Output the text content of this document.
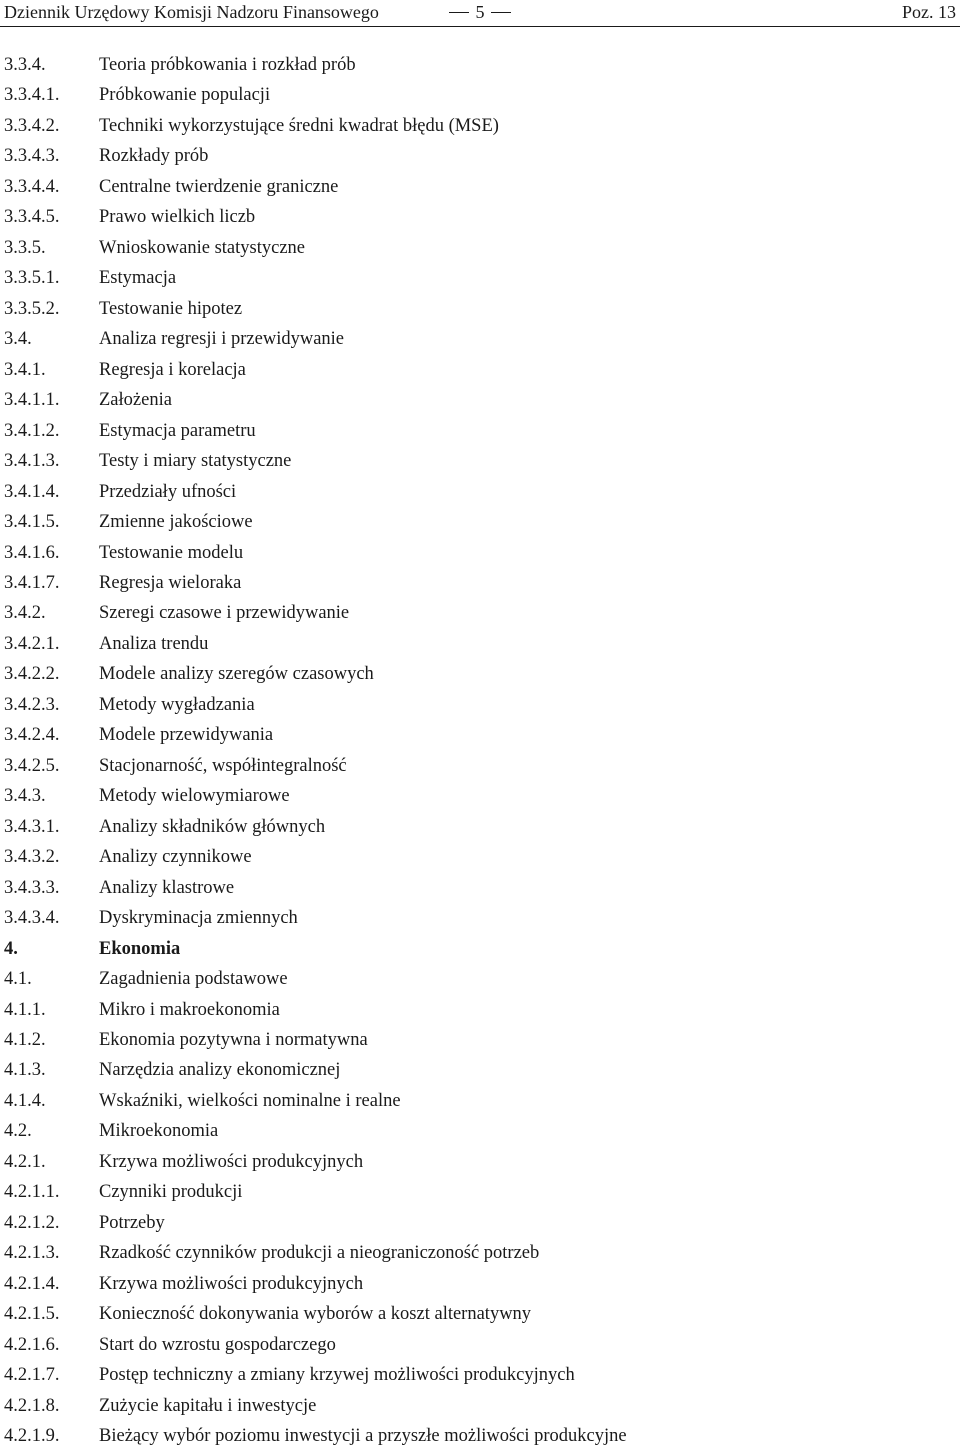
Dziennik Urzędowy Komisji Nadzoru Finansowego	5	Poz. 13
3.3.4.	Teoria próbkowania i rozkład prób
3.3.4.1. Próbkowanie populacji
3.3.4.2. Techniki wykorzystujące średni kwadrat błędu (MSE)
3.3.4.3. Rozkłady prób
3.3.4.4. Centralne twierdzenie graniczne
3.3.4.5. Prawo wielkich liczb
3.3.5.	Wnioskowanie statystyczne
3.3.5.1. Estymacja
3.3.5.2. Testowanie hipotez
3.4.	Analiza regresji i przewidywanie
3.4.1.	Regresja i korelacja
3.4.1.1. Założenia
3.4.1.2. Estymacja parametru
3.4.1.3. Testy i miary statystyczne
3.4.1.4. Przedziały ufności
3.4.1.5. Zmienne jakościowe
3.4.1.6. Testowanie modelu
3.4.1.7. Regresja wieloraka
3.4.2.	Szeregi czasowe i przewidywanie
3.4.2.1. Analiza trendu
3.4.2.2. Modele analizy szeregów czasowych
3.4.2.3. Metody wygładzania
3.4.2.4. Modele przewidywania
3.4.2.5. Stacjonarność, współintegralność
3.4.3.	Metody wielowymiarowe
3.4.3.1. Analizy składników głównych
3.4.3.2. Analizy czynnikowe
3.4.3.3. Analizy klastrowe
3.4.3.4. Dyskryminacja zmiennych
4.	Ekonomia
4.1.	Zagadnienia podstawowe
4.1.1.	Mikro i makroekonomia
4.1.2.	Ekonomia pozytywna i normatywna
4.1.3.	Narzędzia analizy ekonomicznej
4.1.4.	Wskaźniki, wielkości nominalne i realne
4.2.	Mikroekonomia
4.2.1.	Krzywa możliwości produkcyjnych
4.2.1.1. Czynniki produkcji
4.2.1.2. Potrzeby
4.2.1.3. Rzadkość czynników produkcji a nieograniczoność potrzeb
4.2.1.4. Krzywa możliwości produkcyjnych
4.2.1.5. Konieczność dokonywania wyborów a koszt alternatywny
4.2.1.6. Start do wzrostu gospodarczego
4.2.1.7. Postęp techniczny a zmiany krzywej możliwości produkcyjnych
4.2.1.8. Zużycie kapitału i inwestycje
4.2.1.9. Bieżący wybór poziomu inwestycji a przyszłe możliwości produkcyjne
